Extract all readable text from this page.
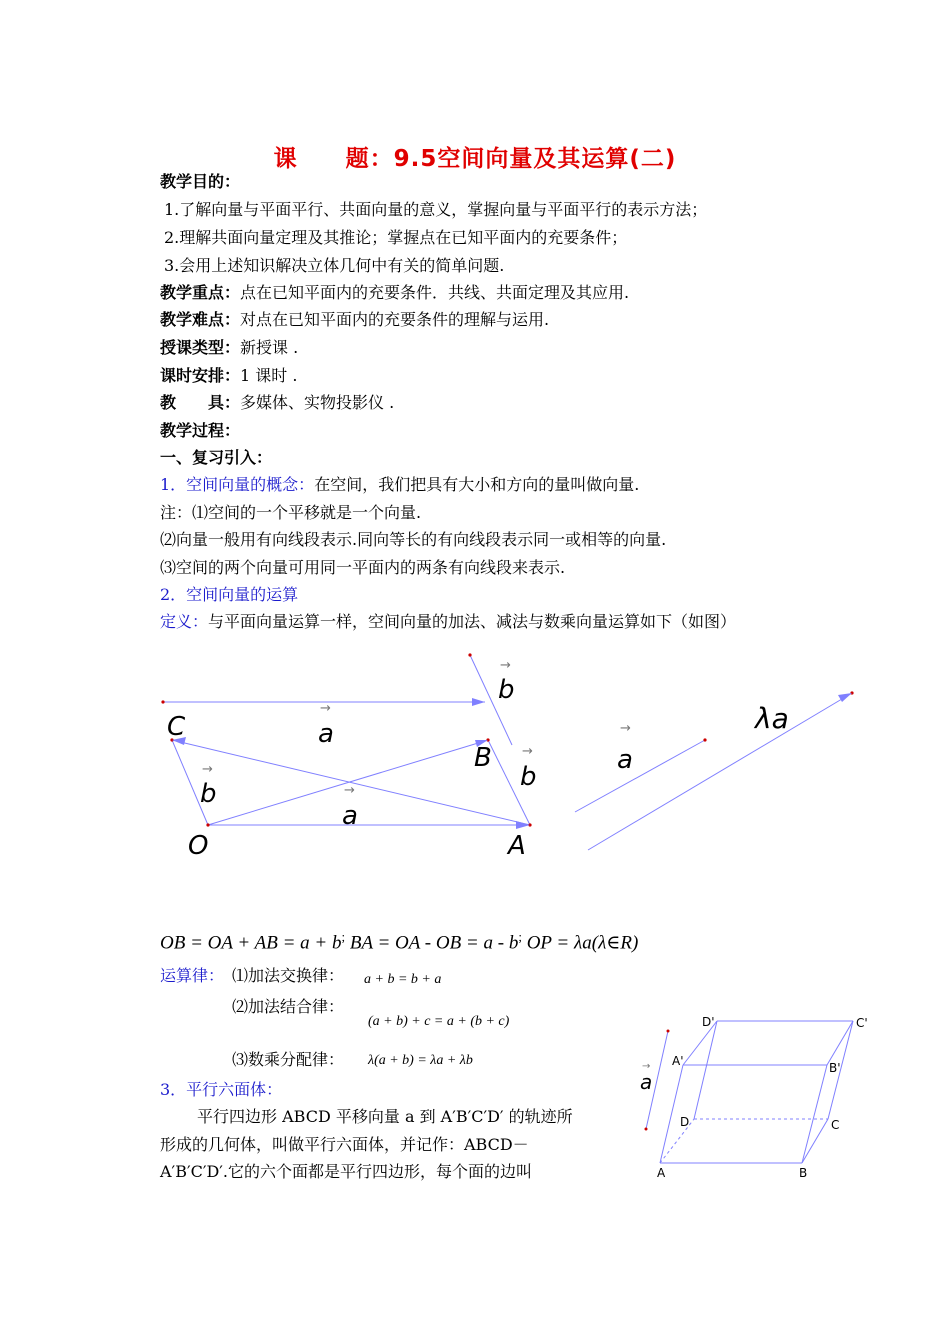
课　　题：9.5空间向量及其运算(二)
教学目的：
1.了解向量与平面平行、共面向量的意义，掌握向量与平面平行的表示方法；
2.理解共面向量定理及其推论；掌握点在已知平面内的充要条件；
3.会用上述知识解决立体几何中有关的简单问题.
教学重点：点在已知平面内的充要条件．共线、共面定理及其应用.
教学难点：对点在已知平面内的充要条件的理解与运用.
授课类型：新授课 .
课时安排：1 课时 .
教　　具：多媒体、实物投影仪 .
教学过程：
一、复习引入：
1．空间向量的概念：在空间，我们把具有大小和方向的量叫做向量.
注：⑴空间的一个平移就是一个向量.
⑵向量一般用有向线段表示.同向等长的有向线段表示同一或相等的向量.
⑶空间的两个向量可用同一平面内的两条有向线段来表示.
2．空间向量的运算
定义：与平面向量运算一样，空间向量的加法、减法与数乘向量运算如下（如图）
C
B
O	A
a
a
b
b
b
a
λa
→
→
→
→
→
→
OB = OA + AB = a + b; BA = OA - OB = a - b; OP = λa(λ∈R)
运算律： ⑴加法交换律： a + b = b + a
⑵加法结合律：
(a + b) + c = a + (b + c)
⑶数乘分配律： λ(a + b) = λa + λb
3．平行六面体：
平行四边形 ABCD 平移向量 a 到 A′B′C′D′ 的轨迹所
形成的几何体，叫做平行六面体，并记作：ABCD－
A′B′C′D′.它的六个面都是平行四边形，每个面的边叫
D'	C'
A'	B'
D	C
A	B
a
→
